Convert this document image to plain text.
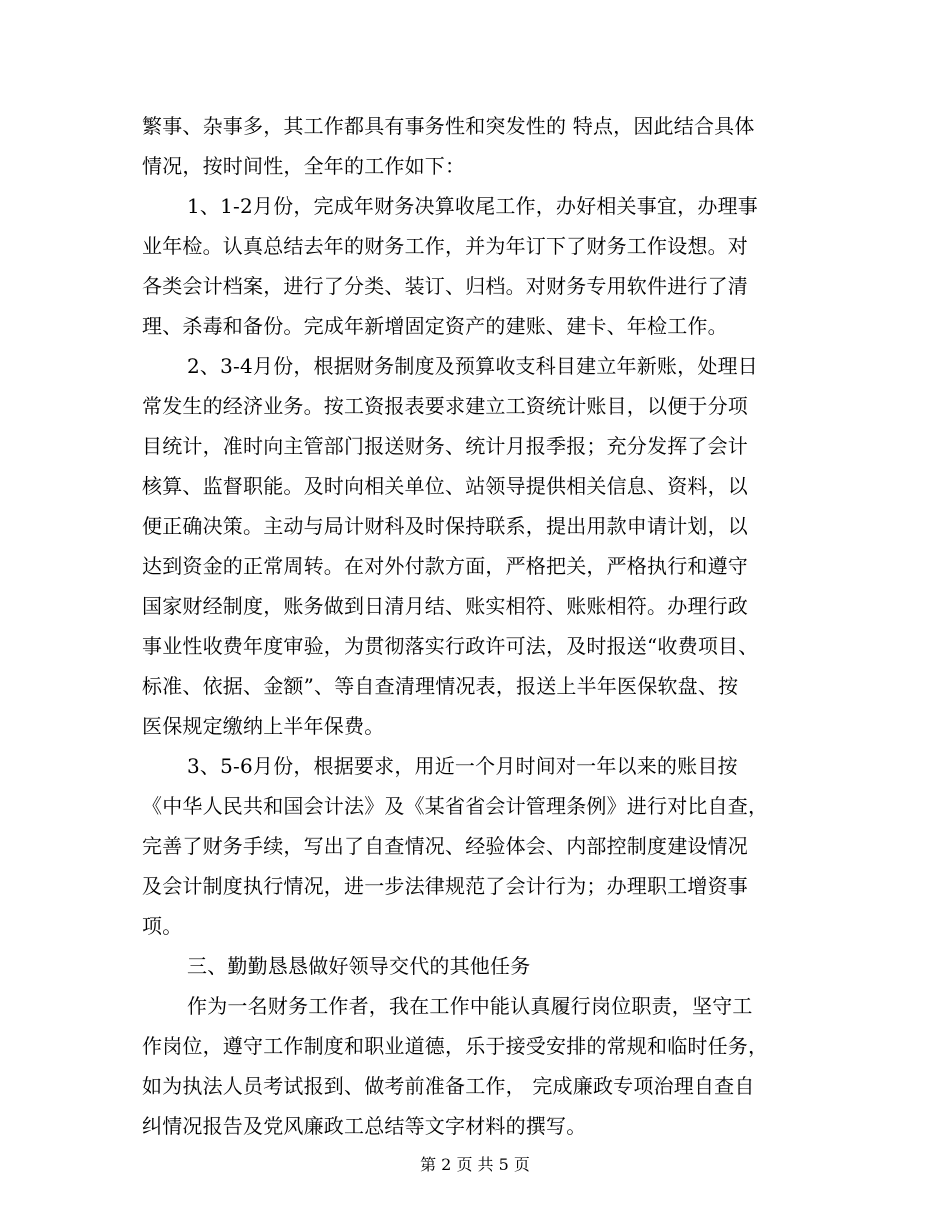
繁事、杂事多，其工作都具有事务性和突发性的 特点，因此结合具体
情况，按时间性，全年的工作如下：
1、1-2月份，完成年财务决算收尾工作，办好相关事宜，办理事
业年检。认真总结去年的财务工作，并为年订下了财务工作设想。对
各类会计档案，进行了分类、装订、归档。对财务专用软件进行了清
理、杀毒和备份。完成年新增固定资产的建账、建卡、年检工作。
2、3-4月份，根据财务制度及预算收支科目建立年新账，处理日
常发生的经济业务。按工资报表要求建立工资统计账目，以便于分项
目统计，准时向主管部门报送财务、统计月报季报；充分发挥了会计
核算、监督职能。及时向相关单位、站领导提供相关信息、资料，以
便正确决策。主动与局计财科及时保持联系，提出用款申请计划，以
达到资金的正常周转。在对外付款方面，严格把关，严格执行和遵守
国家财经制度，账务做到日清月结、账实相符、账账相符。办理行政
事业性收费年度审验，为贯彻落实行政许可法，及时报送“收费项目、
标准、依据、金额”、等自查清理情况表，报送上半年医保软盘、按
医保规定缴纳上半年保费。
3、5-6月份，根据要求，用近一个月时间对一年以来的账目按
《中华人民共和国会计法》及《某省省会计管理条例》进行对比自查，
完善了财务手续，写出了自查情况、经验体会、内部控制度建设情况
及会计制度执行情况，进一步法律规范了会计行为；办理职工增资事
项。
三、勤勤恳恳做好领导交代的其他任务
作为一名财务工作者，我在工作中能认真履行岗位职责，坚守工
作岗位，遵守工作制度和职业道德，乐于接受安排的常规和临时任务，
如为执法人员考试报到、做考前准备工作， 完成廉政专项治理自查自
纠情况报告及党风廉政工总结等文字材料的撰写。
第 2 页 共 5 页
